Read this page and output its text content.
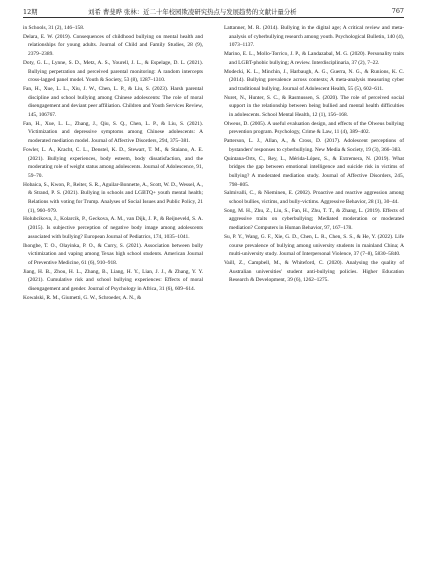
12期	刘希 曹斐晔 张林：近二十年校园欺凌研究热点与发展趋势的文献计量分析	767

in Schools, 31 (2), 146–158.

Delara, E. W. (2019). Consequences of childhood bullying on mental health and relationships for young adults. Journal of Child and Family Studies, 28 (9), 2379–2389.

Doty, G. L., Lynne, S. D., Metz, A. S., Yourell, J. L., & Espelage, D. L. (2021). Bullying perpetration and perceived parental monitoring: A random intercepts cross-lagged panel model. Youth & Society, 53 (8), 1287–1310.

Fan, H., Xue, L. L., Xiu, J. W., Chen, L. P., & Liu, S. (2023). Harsh parental discipline and school bullying among Chinese adolescents: The role of moral disengagement and deviant peer affiliation. Children and Youth Services Review, 145, 106767.

Fan, H., Xue, L. L., Zhang, J., Qiu, S. Q., Chen, L. P., & Liu, S. (2021). Victimization and depressive symptoms among Chinese adolescents: A moderated mediation model. Journal of Affective Disorders, 294, 375–381.

Fowler, L. A., Kracht, C. L., Denstel, K. D., Stewart, T. M., & Staiano, A. E. (2021). Bullying experiences, body esteem, body dissatisfaction, and the moderating role of weight status among adolescents. Journal of Adolescence, 91, 59–70.

Hobaica, S., Kwon, P., Reiter, S. R., Aguilar-Bonnette, A., Scott, W. D., Wessel, A., & Strand, P. S. (2021). Bullying in schools and LGBTQ+ youth mental health; Relations with voting for Trump. Analyses of Social Issues and Public Policy, 21 (1), 960–979.

Holubcikova, J., Kolarcik, P., Geckova, A. M., van Dijk, J. P., & Reijneveld, S. A. (2015). Is subjective perception of negative body image among adolescents associated with bullying? European Journal of Pediatrics, 174, 1035–1041.

Ihongbe, T. O., Olayinka, P. O., & Curry, S. (2021). Association between bully victimization and vaping among Texas high school students. American Journal of Preventive Medicine, 61 (6), 910–918.

Jiang, H. B., Zhou, H. L., Zhang, B., Liang, H. Y., Lian, J. J., & Zhang, Y. Y. (2021). Cumulative risk and school bullying experiences: Effects of moral disengagement and gender. Journal of Psychology in Africa, 31 (6), 609–614.

Kowalski, R. M., Giumetti, G. W., Schroeder, A. N., &

Lattanner, M. R. (2014). Bullying in the digital age; A critical review and meta-analysis of cyberbullying research among youth. Psychological Bulletin, 140 (4), 1073–1137.

Marino, E. L., Mollo-Torrico, J. P., & Landazabal, M. G. (2020). Personality traits and LGBT-phobic bullying; A review. Interdisciplinaria, 37 (2), 7–22.

Modecki, K. L., Minchin, J., Harbaugh, A. G., Guerra, N. G., & Runions, K. C. (2014). Bullying prevalence across contexts; A meta-analysis measuring cyber and traditional bullying. Journal of Adolescent Health, 55 (5), 602–611.

Nuret, N., Hunter, S. C., & Rasmussen, S. (2020). The role of perceived social support in the relationship between being bullied and mental health difficulties in adolescents. School Mental Health, 12 (1), 156–168.

Olweus, D. (2005). A useful evaluation design, and effects of the Olweus bullying prevention program. Psychology, Crime & Law, 11 (4), 389–402.

Patterson, L. J., Allan, A., & Cross, D. (2017). Adolescent perceptions of bystanders' responses to cyberbullying. New Media & Society, 19 (3), 366–383.

Quintana-Orts, C., Rey, L., Mérida-López, S., & Extremera, N. (2019). What bridges the gap between emotional intelligence and suicide risk in victims of bullying? A moderated mediation study. Journal of Affective Disorders, 245, 798–805.

Salmivalli, C., & Nieminen, E. (2002). Proactive and reactive aggression among school bullies, victims, and bully-victims. Aggressive Behavior, 28 (1), 30–44.

Song, M. H., Zhu, Z., Liu, S., Fan, H., Zhu, T. T., & Zhang, L. (2019). Effects of aggressive traits on cyberbullying; Mediated moderation or moderated mediation? Computers in Human Behavior, 97, 167–178.

Su, P. Y., Wang, G. F., Xie, G. D., Chen, L. R., Chen, S. S., & He, Y. (2022). Life course prevalence of bullying among university students in mainland China; A multi-university study. Journal of Interpersonal Violence, 37 (7–8), 5830–5840.

Vaill, Z., Campbell, M., & Whiteford, C. (2020). Analysing the quality of Australian universities' student anti-bullying policies. Higher Education Research & Development, 39 (6), 1262–1275.
